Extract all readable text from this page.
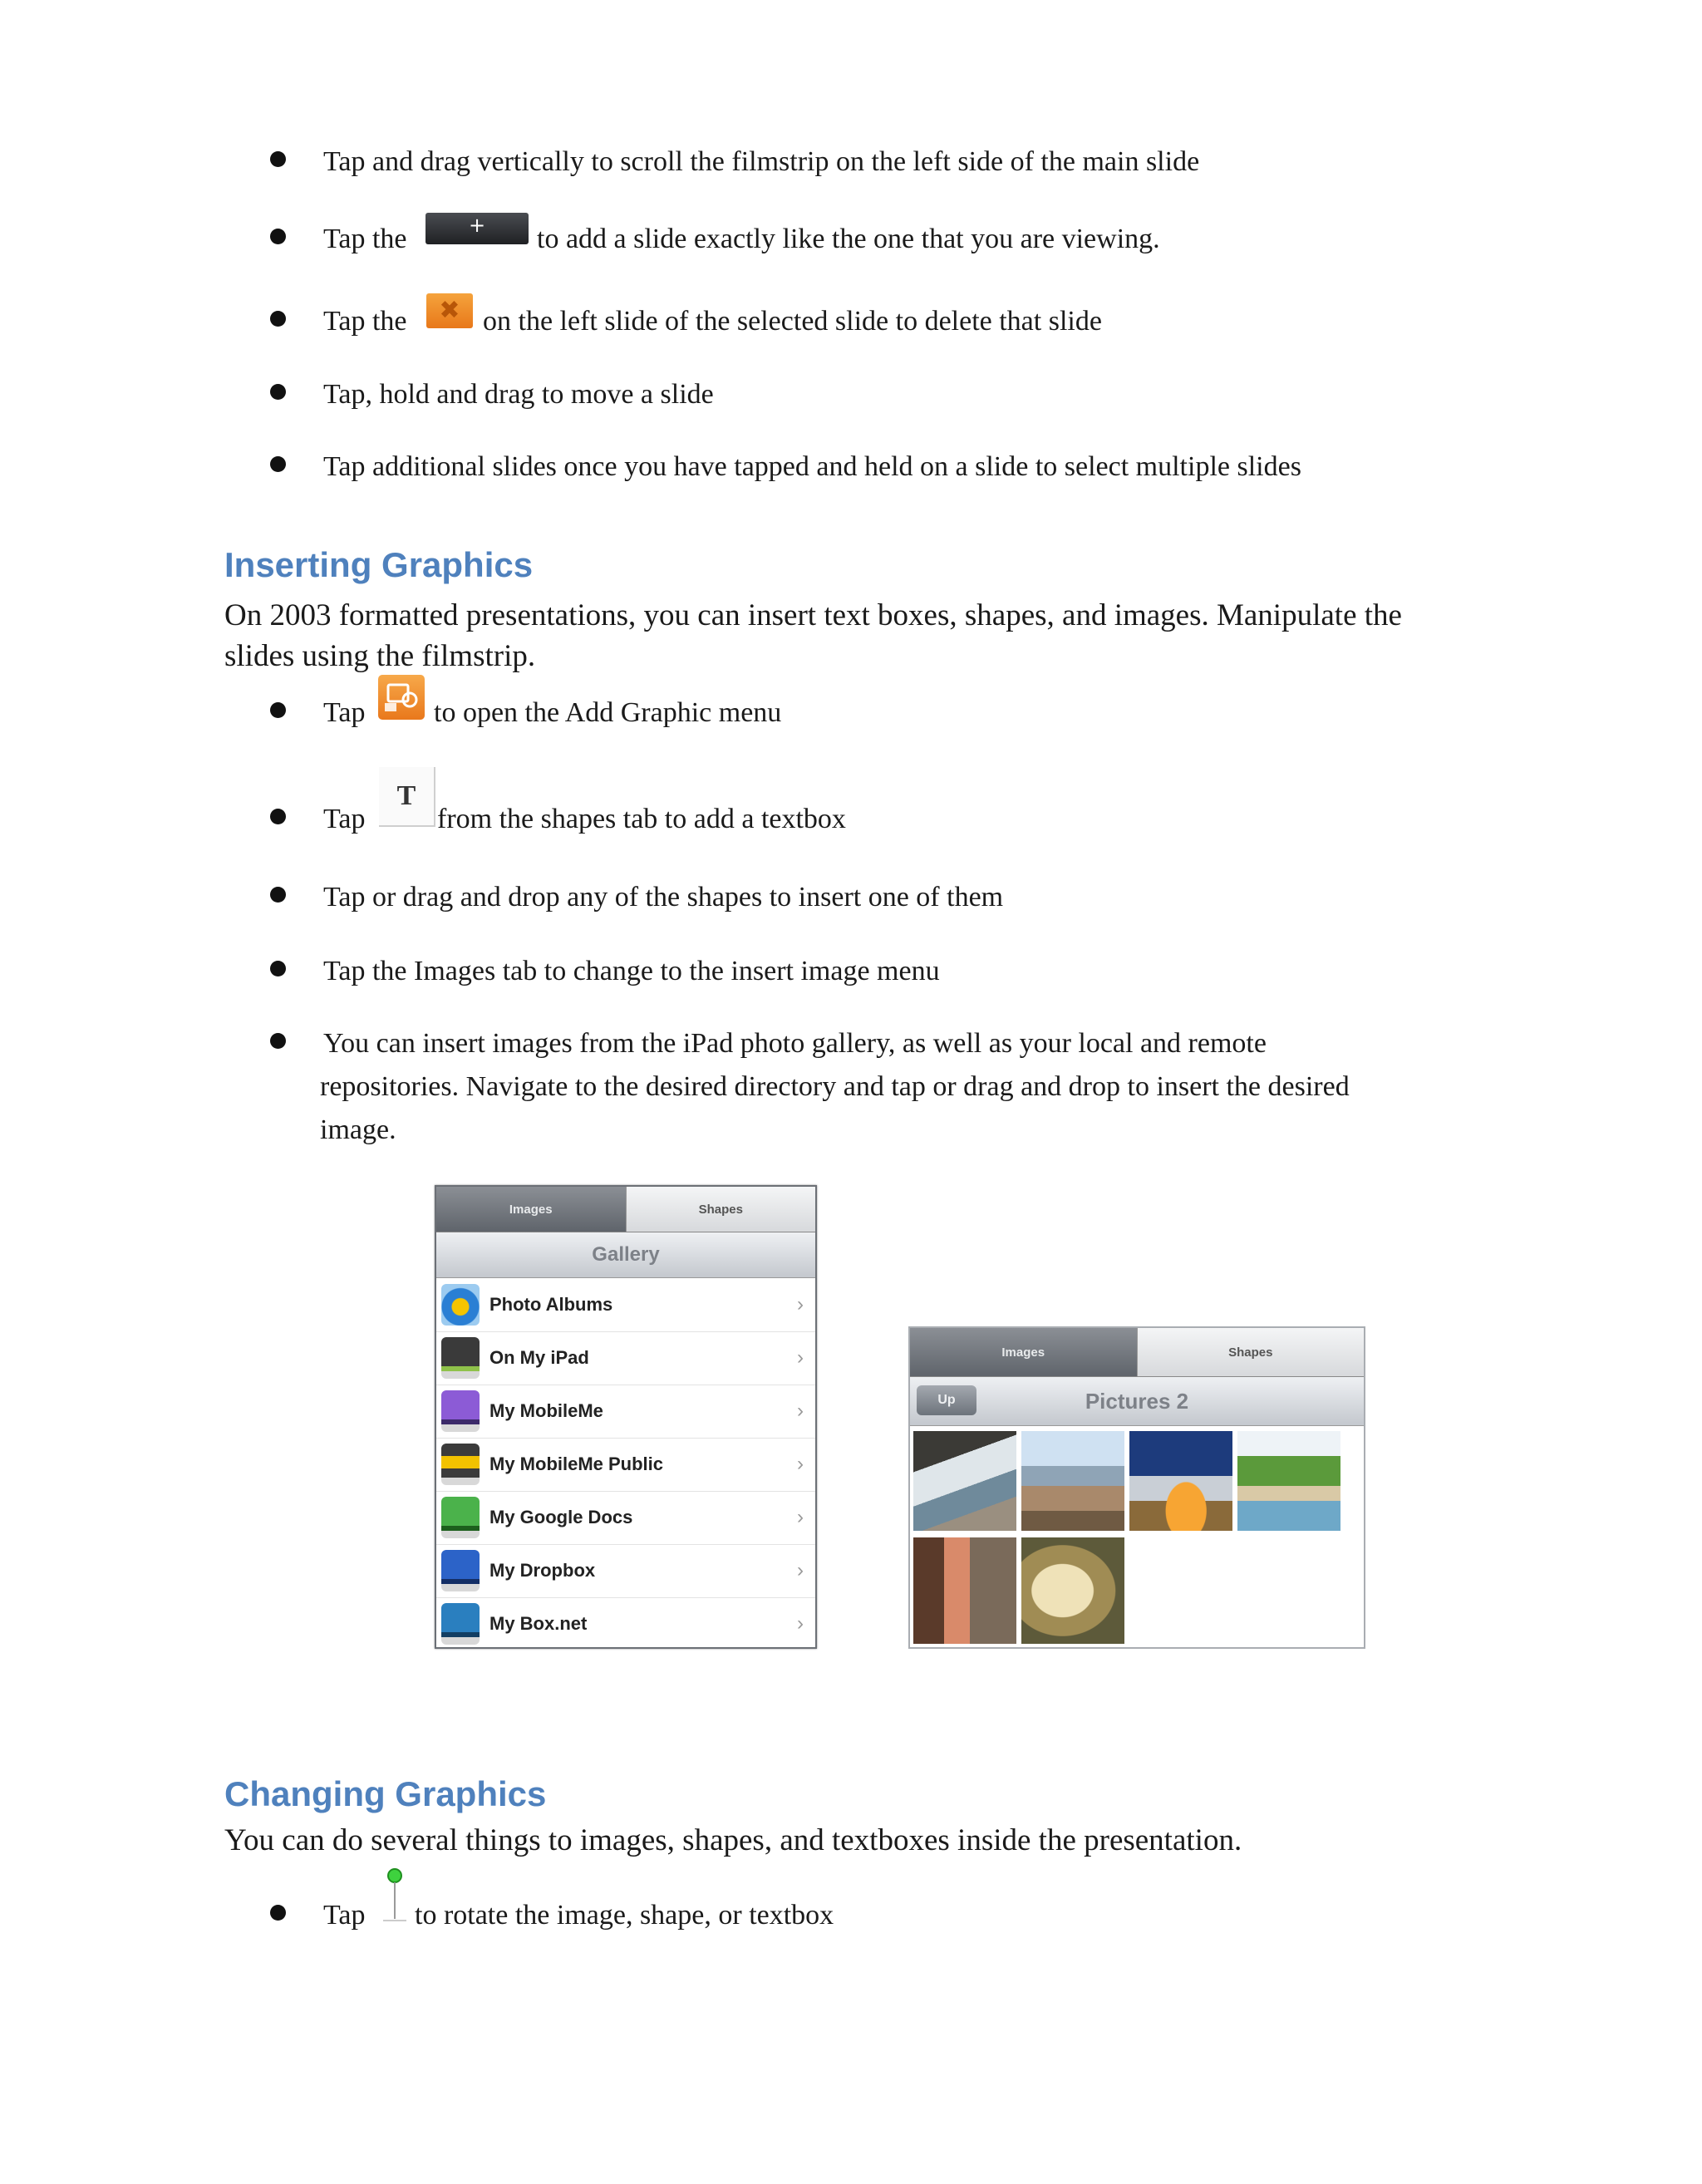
Tap and drag vertically to scroll the filmstrip on the left side of the main slide
Tap the	+	to add a slide exactly like the one that you are viewing.
Tap the	✖ on the left slide of the selected slide to delete that slide
Tap, hold and drag to move a slide
Tap additional slides once you have tapped and held on a slide to select multiple slides
Inserting Graphics

On 2003 formatted presentations, you can insert text boxes, shapes, and images. Manipulate the
slides using the filmstrip.

Tap to open the Add Graphic menu
Tap
T
from the shapes tab to add a textbox
Tap or drag and drop any of the shapes to insert one of them
Tap the Images tab to change to the insert image menu
You can insert images from the iPad photo gallery, as well as your local and remote
repositories. Navigate to the desired directory and tap or drag and drop to insert the desired
image.
Images	Shapes
Gallery
Photo Albums	›
On My iPad	›
My MobileMe	›
My MobileMe Public	›
My Google Docs	›
My Dropbox	›
My Box.net	›
Images	Shapes
Up	Pictures 2
Changing Graphics

You can do several things to images, shapes, and textboxes inside the presentation.

Tap to rotate the image, shape, or textbox
